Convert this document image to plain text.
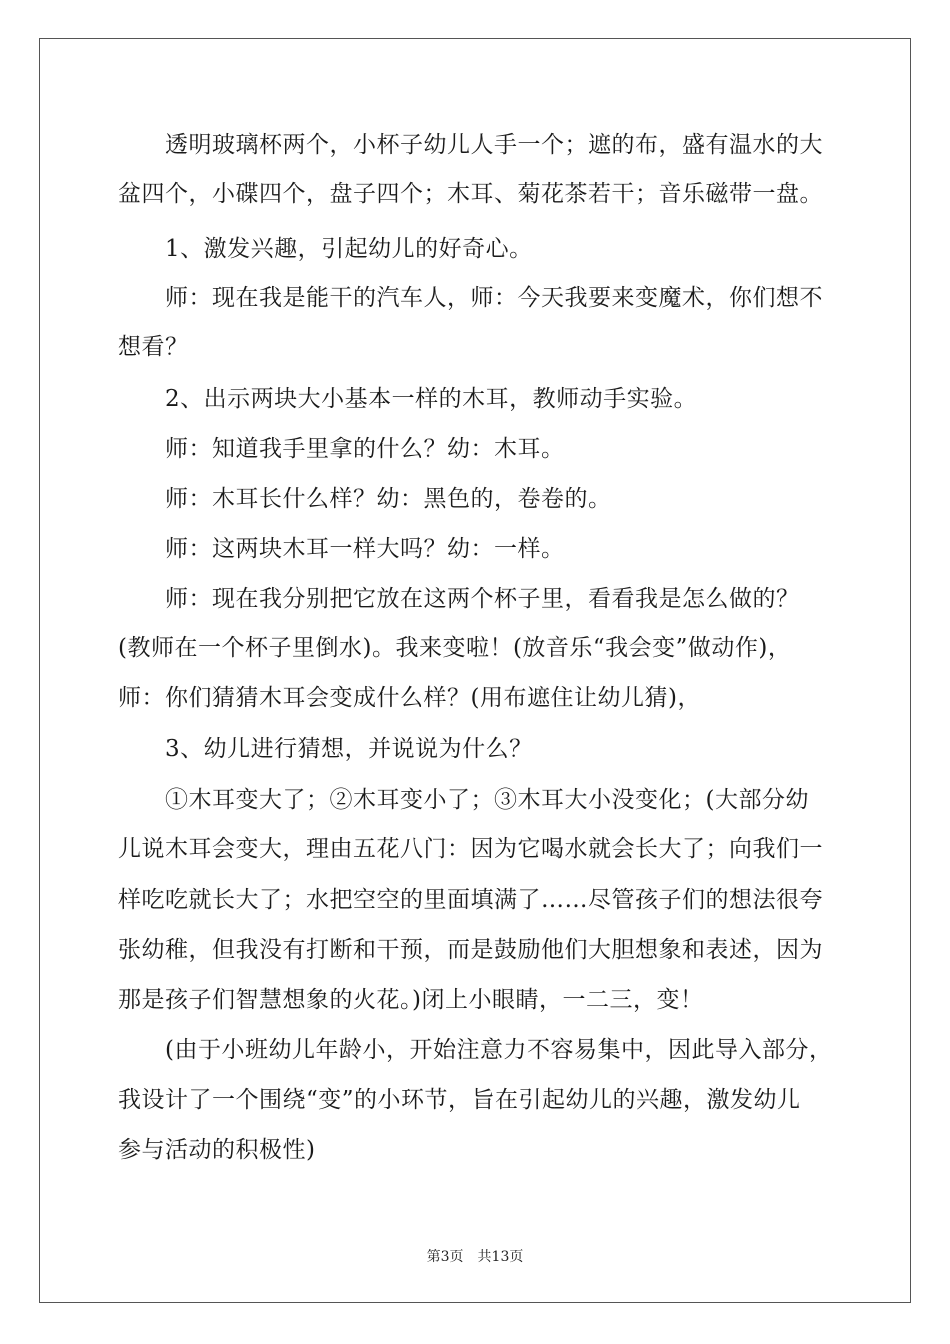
　　透明玻璃杯两个，小杯子幼儿人手一个；遮的布，盛有温水的大
盆四个，小碟四个，盘子四个；木耳、菊花茶若干；音乐磁带一盘。
　　1、激发兴趣，引起幼儿的好奇心。
　　师：现在我是能干的汽车人，师：今天我要来变魔术，你们想不
想看？
　　2、出示两块大小基本一样的木耳，教师动手实验。
　　师：知道我手里拿的什么？幼：木耳。
　　师：木耳长什么样？幼：黑色的，卷卷的。
　　师：这两块木耳一样大吗？幼：一样。
　　师：现在我分别把它放在这两个杯子里，看看我是怎么做的？
(教师在一个杯子里倒水)。我来变啦！(放音乐“我会变”做动作)，
师：你们猜猜木耳会变成什么样？(用布遮住让幼儿猜)，
　　3、幼儿进行猜想，并说说为什么？
　　①木耳变大了；②木耳变小了；③木耳大小没变化；(大部分幼
儿说木耳会变大，理由五花八门：因为它喝水就会长大了；向我们一
样吃吃就长大了；水把空空的里面填满了……尽管孩子们的想法很夸
张幼稚，但我没有打断和干预，而是鼓励他们大胆想象和表述，因为
那是孩子们智慧想象的火花。)闭上小眼睛，一二三，变！
　　(由于小班幼儿年龄小，开始注意力不容易集中，因此导入部分，
我设计了一个围绕“变”的小环节，旨在引起幼儿的兴趣，激发幼儿
参与活动的积极性)
第3页 共13页
